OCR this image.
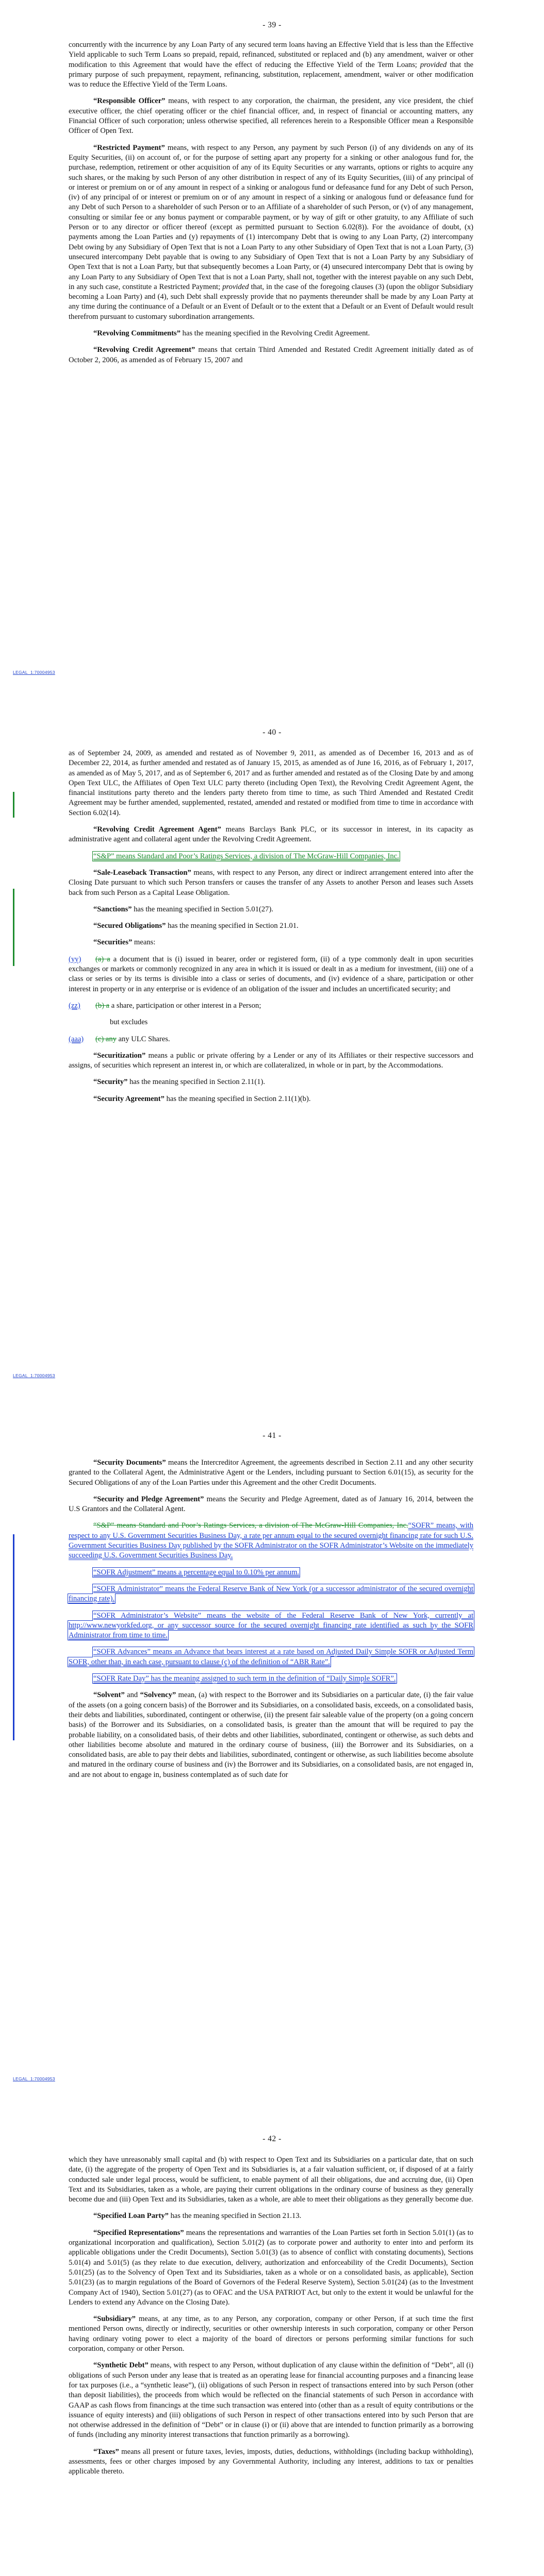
- 39 -

concurrently with the incurrence by any Loan Party of any secured term loans having an Effective Yield that is less than the Effective Yield applicable to such Term Loans so prepaid, repaid, refinanced, substituted or replaced and (b) any amendment, waiver or other modification to this Agreement that would have the effect of reducing the Effective Yield of the Term Loans; provided that the primary purpose of such prepayment, repayment, refinancing, substitution, replacement, amendment, waiver or other modification was to reduce the Effective Yield of the Term Loans.

“Responsible Officer” means, with respect to any corporation, the chairman, the president, any vice president, the chief executive officer, the chief operating officer or the chief financial officer, and, in respect of financial or accounting matters, any Financial Officer of such corporation; unless otherwise specified, all references herein to a Responsible Officer mean a Responsible Officer of Open Text.

“Restricted Payment” means, with respect to any Person, any payment by such Person (i) of any dividends on any of its Equity Securities, (ii) on account of, or for the purpose of setting apart any property for a sinking or other analogous fund for, the purchase, redemption, retirement or other acquisition of any of its Equity Securities or any warrants, options or rights to acquire any such shares, or the making by such Person of any other distribution in respect of any of its Equity Securities, (iii) of any principal of or interest or premium on or of any amount in respect of a sinking or analogous fund or defeasance fund for any Debt of such Person, (iv) of any principal of or interest or premium on or of any amount in respect of a sinking or analogous fund or defeasance fund for any Debt of such Person to a shareholder of such Person or to an Affiliate of a shareholder of such Person, or (v) of any management, consulting or similar fee or any bonus payment or comparable payment, or by way of gift or other gratuity, to any Affiliate of such Person or to any director or officer thereof (except as permitted pursuant to Section 6.02(8)). For the avoidance of doubt, (x) payments among the Loan Parties and (y) repayments of (1) intercompany Debt that is owing to any Loan Party, (2) intercompany Debt owing by any Subsidiary of Open Text that is not a Loan Party to any other Subsidiary of Open Text that is not a Loan Party, (3) unsecured intercompany Debt payable that is owing to any Subsidiary of Open Text that is not a Loan Party by any Subsidiary of Open Text that is not a Loan Party, but that subsequently becomes a Loan Party, or (4) unsecured intercompany Debt that is owing by any Loan Party to any Subsidiary of Open Text that is not a Loan Party, shall not, together with the interest payable on any such Debt, in any such case, constitute a Restricted Payment; provided that, in the case of the foregoing clauses (3) (upon the obligor Subsidiary becoming a Loan Party) and (4), such Debt shall expressly provide that no payments thereunder shall be made by any Loan Party at any time during the continuance of a Default or an Event of Default or to the extent that a Default or an Event of Default would result therefrom pursuant to customary subordination arrangements.

“Revolving Commitments” has the meaning specified in the Revolving Credit Agreement.

“Revolving Credit Agreement” means that certain Third Amended and Restated Credit Agreement initially dated as of October 2, 2006, as amended as of February 15, 2007 and

LEGAL_1:70004953
- 40 -

as of September 24, 2009, as amended and restated as of November 9, 2011, as amended as of December 16, 2013 and as of December 22, 2014, as further amended and restated as of January 15, 2015, as amended as of June 16, 2016, as of February 1, 2017, as amended as of May 5, 2017, and as of September 6, 2017 and as further amended and restated as of the Closing Date by and among Open Text ULC, the Affiliates of Open Text ULC party thereto (including Open Text), the Revolving Credit Agreement Agent, the financial institutions party thereto and the lenders party thereto from time to time, as such Third Amended and Restated Credit Agreement may be further amended, supplemented, restated, amended and restated or modified from time to time in accordance with Section 6.02(14).

“Revolving Credit Agreement Agent” means Barclays Bank PLC, or its successor in interest, in its capacity as administrative agent and collateral agent under the Revolving Credit Agreement.

“S&P” means Standard and Poor’s Ratings Services, a division of The McGraw-Hill Companies, Inc.

“Sale-Leaseback Transaction” means, with respect to any Person, any direct or indirect arrangement entered into after the Closing Date pursuant to which such Person transfers or causes the transfer of any Assets to another Person and leases such Assets back from such Person as a Capital Lease Obligation.

“Sanctions” has the meaning specified in Section 5.01(27).

“Secured Obligations” has the meaning specified in Section 21.01.

“Securities” means:

(yy) (a) a a document that is (i) issued in bearer, order or registered form, (ii) of a type commonly dealt in upon securities exchanges or markets or commonly recognized in any area in which it is issued or dealt in as a medium for investment, (iii) one of a class or series or by its terms is divisible into a class or series of documents, and (iv) evidence of a share, participation or other interest in property or in any enterprise or is evidence of an obligation of the issuer and includes an uncertificated security; and

(zz) (b) a a share, participation or other interest in a Person;

but excludes

(aaa) (c) any any ULC Shares.

“Securitization” means a public or private offering by a Lender or any of its Affiliates or their respective successors and assigns, of securities which represent an interest in, or which are collateralized, in whole or in part, by the Accommodations.

“Security” has the meaning specified in Section 2.11(1).

“Security Agreement” has the meaning specified in Section 2.11(1)(b).

LEGAL_1:70004953
- 41 -

“Security Documents” means the Intercreditor Agreement, the agreements described in Section 2.11 and any other security granted to the Collateral Agent, the Administrative Agent or the Lenders, including pursuant to Section 6.01(15), as security for the Secured Obligations of any of the Loan Parties under this Agreement and the other Credit Documents.

“Security and Pledge Agreement” means the Security and Pledge Agreement, dated as of January 16, 2014, between the U.S Grantors and the Collateral Agent.

“S&P” means Standard and Poor’s Ratings Services, a division of The McGraw-Hill Companies, Inc.“SOFR” means, with respect to any U.S. Government Securities Business Day, a rate per annum equal to the secured overnight financing rate for such U.S. Government Securities Business Day published by the SOFR Administrator on the SOFR Administrator’s Website on the immediately succeeding U.S. Government Securities Business Day.

“SOFR Adjustment” means a percentage equal to 0.10% per annum.

“SOFR Administrator” means the Federal Reserve Bank of New York (or a successor administrator of the secured overnight financing rate).

“SOFR Administrator’s Website” means the website of the Federal Reserve Bank of New York, currently at http://www.newyorkfed.org, or any successor source for the secured overnight financing rate identified as such by the SOFR Administrator from time to time.

“SOFR Advances” means an Advance that bears interest at a rate based on Adjusted Daily Simple SOFR or Adjusted Term SOFR, other than, in each case, pursuant to clause (c) of the definition of “ABR Rate”.

“SOFR Rate Day” has the meaning assigned to such term in the definition of “Daily Simple SOFR”.

“Solvent” and “Solvency” mean, (a) with respect to the Borrower and its Subsidiaries on a particular date, (i) the fair value of the assets (on a going concern basis) of the Borrower and its Subsidiaries, on a consolidated basis, exceeds, on a consolidated basis, their debts and liabilities, subordinated, contingent or otherwise, (ii) the present fair saleable value of the property (on a going concern basis) of the Borrower and its Subsidiaries, on a consolidated basis, is greater than the amount that will be required to pay the probable liability, on a consolidated basis, of their debts and other liabilities, subordinated, contingent or otherwise, as such debts and other liabilities become absolute and matured in the ordinary course of business, (iii) the Borrower and its Subsidiaries, on a consolidated basis, are able to pay their debts and liabilities, subordinated, contingent or otherwise, as such liabilities become absolute and matured in the ordinary course of business and (iv) the Borrower and its Subsidiaries, on a consolidated basis, are not engaged in, and are not about to engage in, business contemplated as of such date for

LEGAL_1:70004953
- 42 -

which they have unreasonably small capital and (b) with respect to Open Text and its Subsidiaries on a particular date, that on such date, (i) the aggregate of the property of Open Text and its Subsidiaries is, at a fair valuation sufficient, or, if disposed of at a fairly conducted sale under legal process, would be sufficient, to enable payment of all their obligations, due and accruing due, (ii) Open Text and its Subsidiaries, taken as a whole, are paying their current obligations in the ordinary course of business as they generally become due and (iii) Open Text and its Subsidiaries, taken as a whole, are able to meet their obligations as they generally become due.

“Specified Loan Party” has the meaning specified in Section 21.13.

“Specified Representations” means the representations and warranties of the Loan Parties set forth in Section 5.01(1) (as to organizational incorporation and qualification), Section 5.01(2) (as to corporate power and authority to enter into and perform its applicable obligations under the Credit Documents), Section 5.01(3) (as to absence of conflict with constating documents), Sections 5.01(4) and 5.01(5) (as they relate to due execution, delivery, authorization and enforceability of the Credit Documents), Section 5.01(25) (as to the Solvency of Open Text and its Subsidiaries, taken as a whole or on a consolidated basis, as applicable), Section 5.01(23) (as to margin regulations of the Board of Governors of the Federal Reserve System), Section 5.01(24) (as to the Investment Company Act of 1940), Section 5.01(27) (as to OFAC and the USA PATRIOT Act, but only to the extent it would be unlawful for the Lenders to extend any Advance on the Closing Date).

“Subsidiary” means, at any time, as to any Person, any corporation, company or other Person, if at such time the first mentioned Person owns, directly or indirectly, securities or other ownership interests in such corporation, company or other Person having ordinary voting power to elect a majority of the board of directors or persons performing similar functions for such corporation, company or other Person.

“Synthetic Debt” means, with respect to any Person, without duplication of any clause within the definition of “Debt”, all (i) obligations of such Person under any lease that is treated as an operating lease for financial accounting purposes and a financing lease for tax purposes (i.e., a “synthetic lease”), (ii) obligations of such Person in respect of transactions entered into by such Person (other than deposit liabilities), the proceeds from which would be reflected on the financial statements of such Person in accordance with GAAP as cash flows from financings at the time such transaction was entered into (other than as a result of equity contributions or the issuance of equity interests) and (iii) obligations of such Person in respect of other transactions entered into by such Person that are not otherwise addressed in the definition of “Debt” or in clause (i) or (ii) above that are intended to function primarily as a borrowing of funds (including any minority interest transactions that function primarily as a borrowing).

“Taxes” means all present or future taxes, levies, imposts, duties, deductions, withholdings (including backup withholding), assessments, fees or other charges imposed by any Governmental Authority, including any interest, additions to tax or penalties applicable thereto.
